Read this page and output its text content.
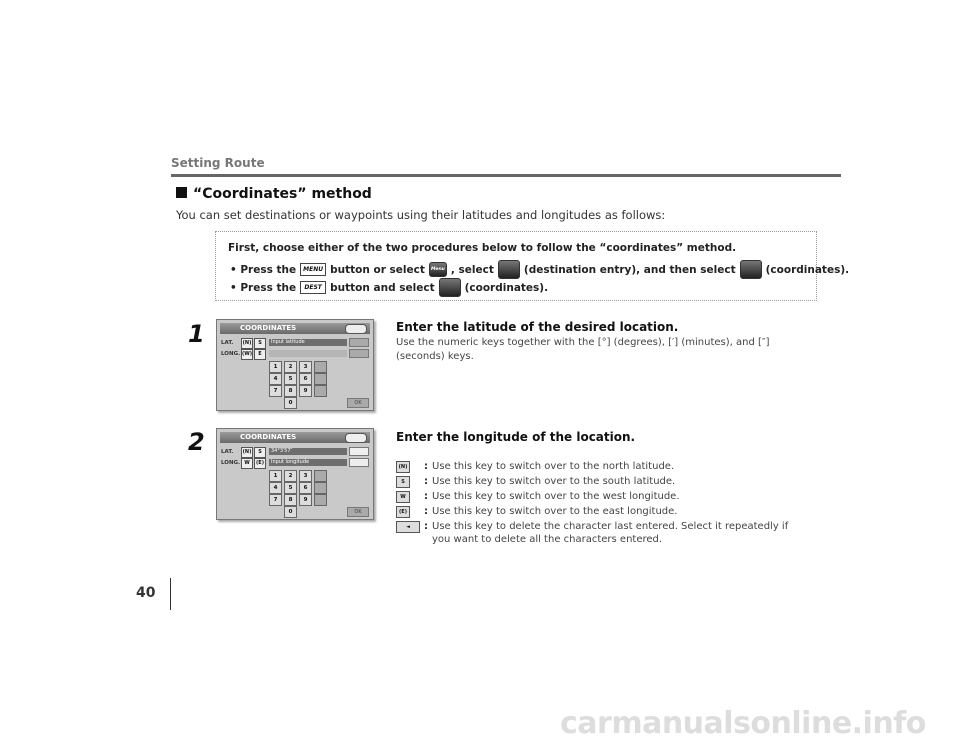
Setting Route
“Coordinates” method
You can set destinations or waypoints using their latitudes and longitudes as follows:
First, choose either of the two procedures below to follow the “coordinates” method.
• Press the	MENU button or select	Menu , select	(destination entry), and then select	(coordinates).
• Press the	DEST button and select	(coordinates).
1	COORDINATES
LAT.
LONG.
(N)	S
(W)	E
Input latitude
1	2	3
4	5	6
7	8	9
0	OK
Enter the latitude of the desired location.
Use the numeric keys together with the [°] (degrees), [′] (minutes), and [″] (seconds) keys.
2	COORDINATES
LAT.
LONG.
(N)	S
W	(E)
34°3′57″
Input longitude
1	2	3
4	5	6
7	8	9
0	OK
Enter the longitude of the location.
(N) : Use this key to switch over to the north latitude.
S	: Use this key to switch over to the south latitude.
W	: Use this key to switch over to the west longitude.
(E)	: Use this key to switch over to the east longitude.
◄	: Use this key to delete the character last entered. Select it repeatedly if you want to delete all the characters entered.
40
carmanualsonline.info
